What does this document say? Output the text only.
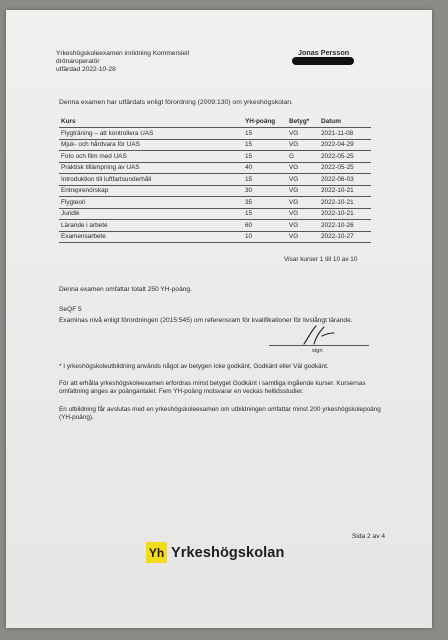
Yrkeshögskoleexamen inriktning Kommersiell
drönaroperatör
utfärdad 2022-10-28
Jonas Persson
Denna examen har utfärdats enligt förordning (2009:130) om yrkeshögskolan.
Kurs	YH-poäng	Betyg*	Datum
Flygträning – att kontrollera UAS	15	VG	2021-11-08
Mjuk- och hårdvara för UAS	15	VG	2022-04-29
Foto och film med UAS	15	G	2022-05-25
Praktisk tillämpning av UAS	40	VG	2022-05-25
Introduktion till luftfartsunderhåll	15	VG	2022-06-03
Entreprenörskap	30	VG	2022-10-21
Flygteori	35	VG	2022-10-21
Juridik	15	VG	2022-10-21
Lärande i arbete	60	VG	2022-10-26
Examensarbete	10	VG	2022-10-27
Visar kurser 1 till 10 av 10
Denna examen omfattar totalt 250 YH-poäng.
SeQF 5
Examinas nivå enligt förordningen (2015:545) om referensram för kvalifikationer för livslångt lärande.
sign
* I yrkeshögskoleutbildning används något av betygen Icke godkänt, Godkänt eller Väl godkänt.
För att erhålla yrkeshögskoleexamen erfordras minst betyget Godkänt i samtliga ingående kurser. Kursernas omfattning anges av poängantalet. Fem YH-poäng motsvarar en veckas heltidsstudier.
En utbildning får avslutas med en yrkeshögskoleexamen om utbildningen omfattar minst 200 yrkeshögskolepoäng (YH-poäng).
Sida 2 av 4
Yh Yrkeshögskolan
